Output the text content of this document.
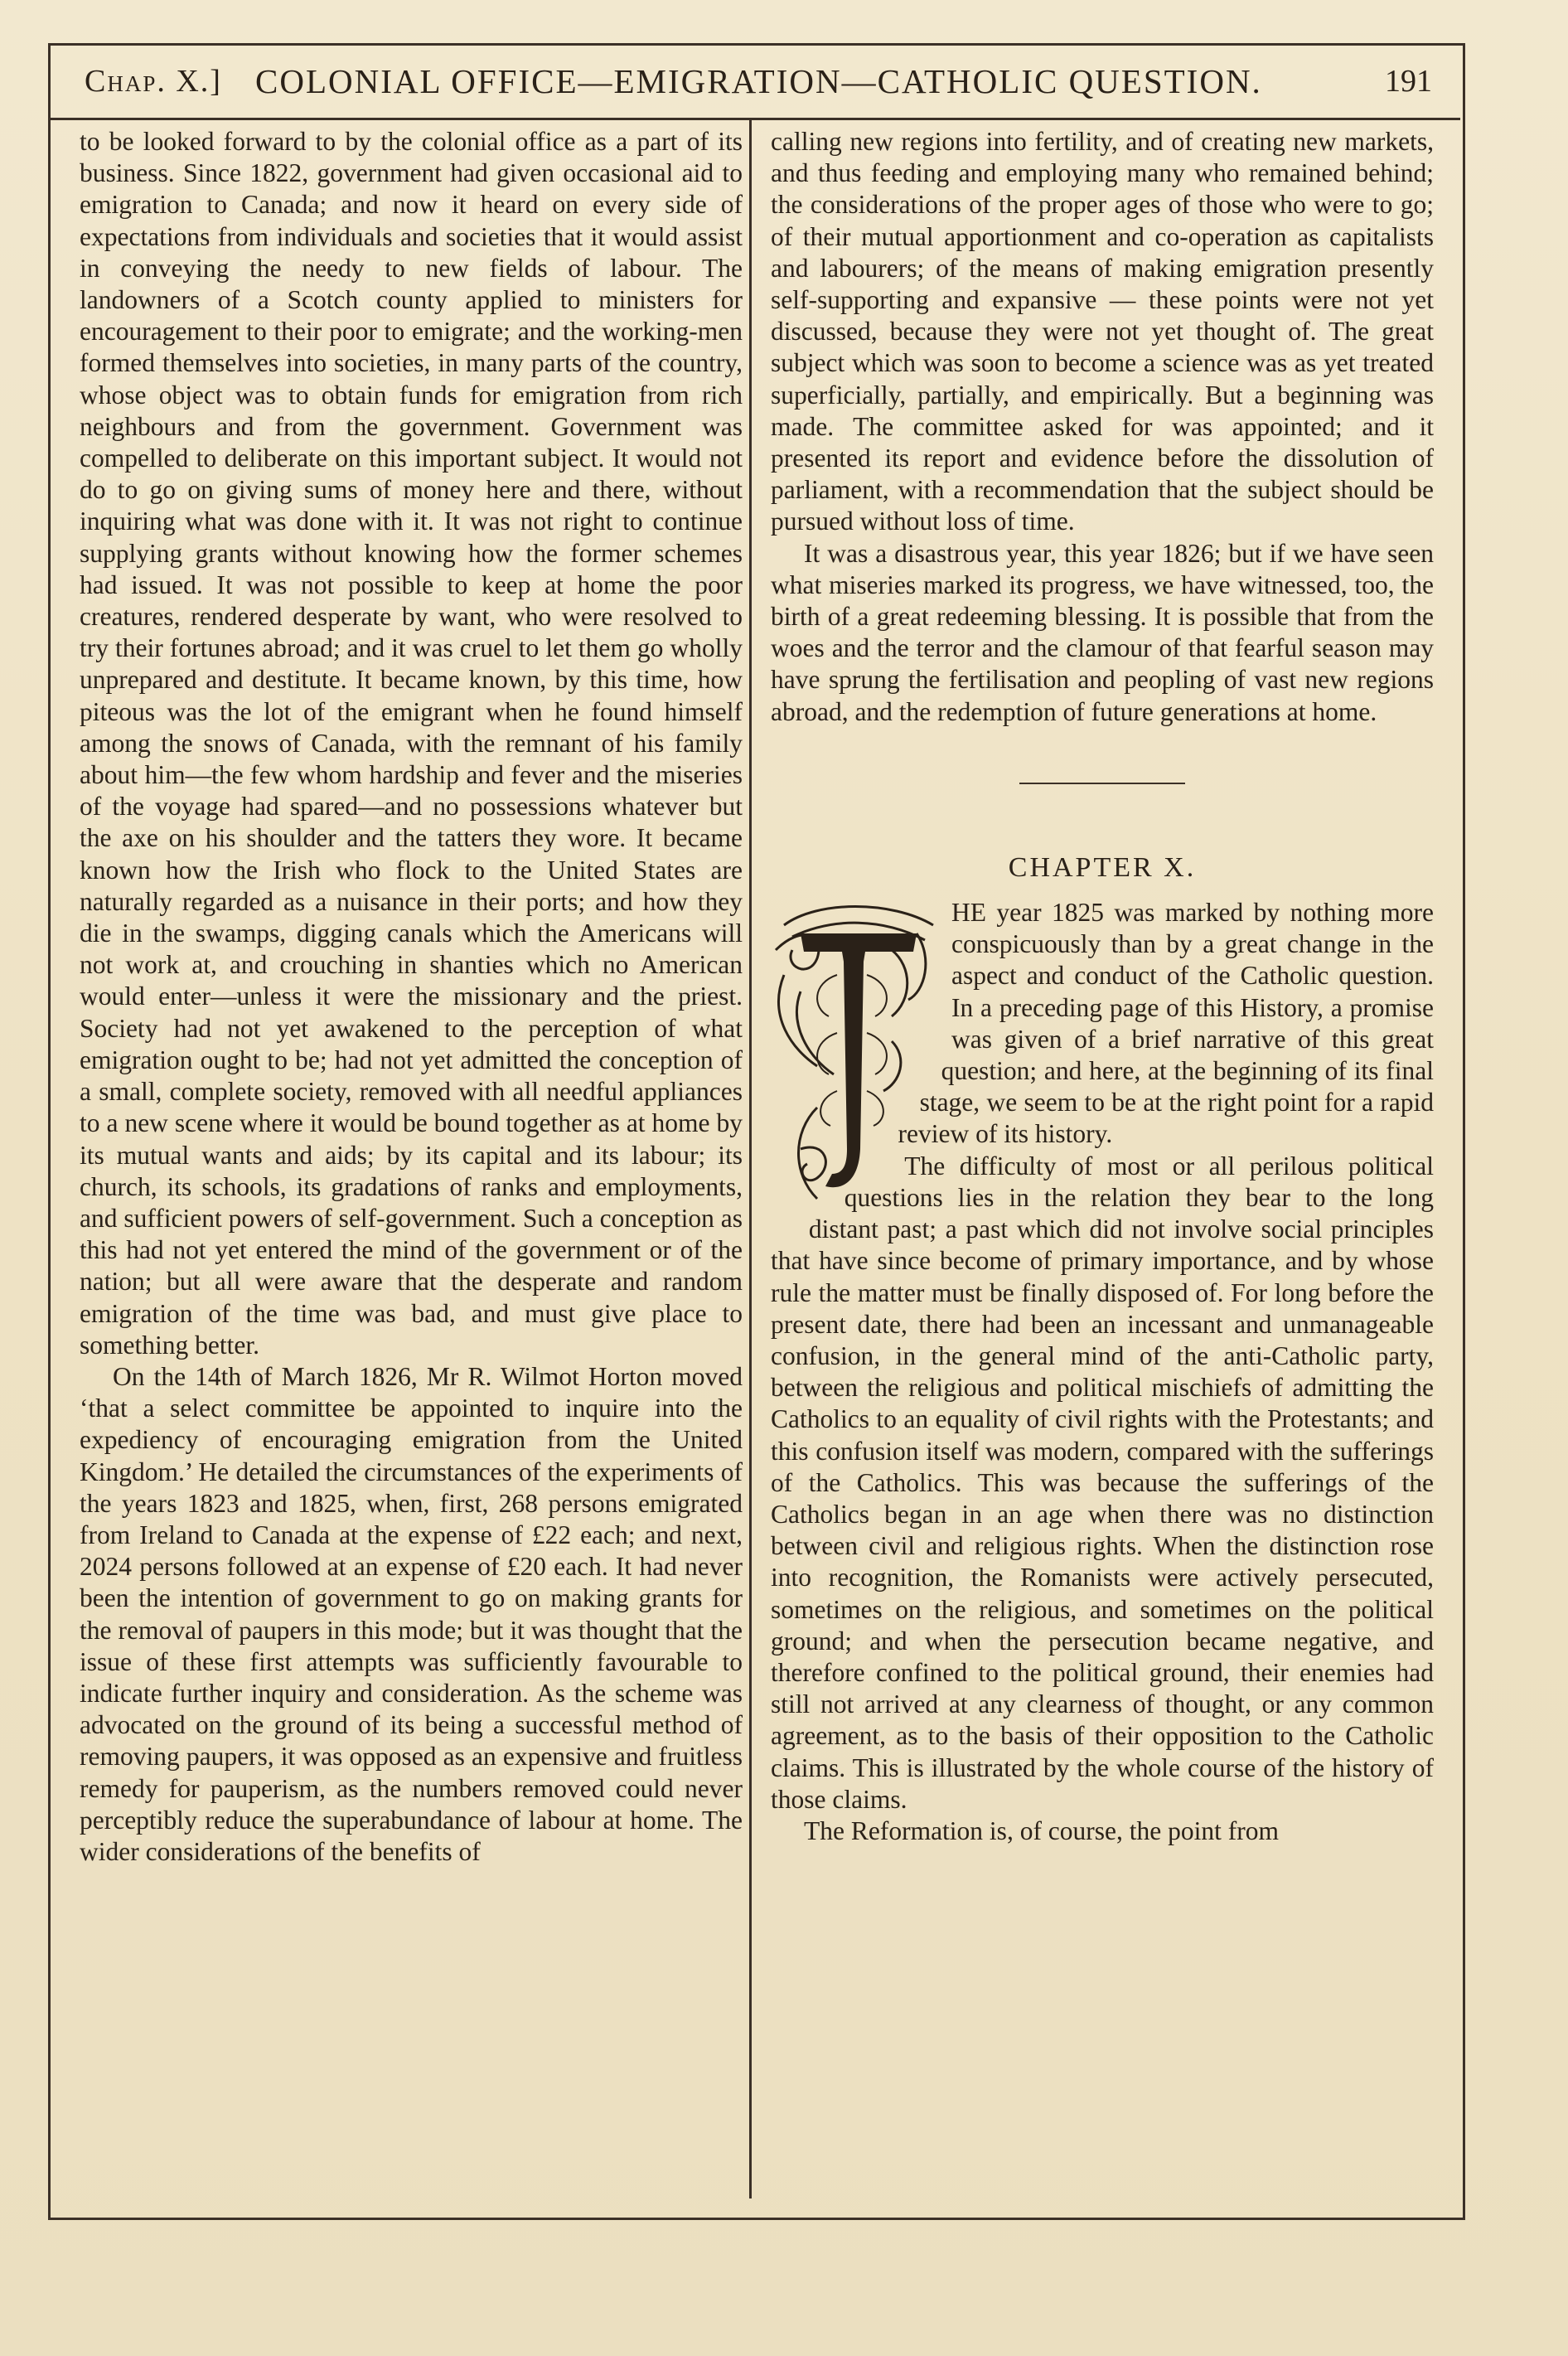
Chap. X.] COLONIAL OFFICE—EMIGRATION—CATHOLIC QUESTION.	191

to be looked forward to by the colonial office as a part of its business. Since 1822, government had given occasional aid to emigration to Canada; and now it heard on every side of expectations from individuals and societies that it would assist in conveying the needy to new fields of labour. The landowners of a Scotch county applied to ministers for encouragement to their poor to emigrate; and the working-men formed themselves into societies, in many parts of the country, whose object was to obtain funds for emigration from rich neighbours and from the government. Government was compelled to deliberate on this important subject. It would not do to go on giving sums of money here and there, without inquiring what was done with it. It was not right to continue supplying grants without knowing how the former schemes had issued. It was not possible to keep at home the poor creatures, rendered desperate by want, who were resolved to try their fortunes abroad; and it was cruel to let them go wholly unprepared and destitute. It became known, by this time, how piteous was the lot of the emigrant when he found himself among the snows of Canada, with the remnant of his family about him—the few whom hardship and fever and the miseries of the voyage had spared—and no possessions whatever but the axe on his shoulder and the tatters they wore. It became known how the Irish who flock to the United States are naturally regarded as a nuisance in their ports; and how they die in the swamps, digging canals which the Americans will not work at, and crouching in shanties which no American would enter—unless it were the missionary and the priest. Society had not yet awakened to the perception of what emigration ought to be; had not yet admitted the conception of a small, complete society, removed with all needful appliances to a new scene where it would be bound together as at home by its mutual wants and aids; by its capital and its labour; its church, its schools, its gradations of ranks and employments, and sufficient powers of self-government. Such a conception as this had not yet entered the mind of the government or of the nation; but all were aware that the desperate and random emigration of the time was bad, and must give place to something better.

On the 14th of March 1826, Mr R. Wilmot Horton moved ‘that a select committee be appointed to inquire into the expediency of encouraging emigration from the United Kingdom.’ He detailed the circumstances of the experiments of the years 1823 and 1825, when, first, 268 persons emigrated from Ireland to Canada at the expense of £22 each; and next, 2024 persons followed at an expense of £20 each. It had never been the intention of government to go on making grants for the removal of paupers in this mode; but it was thought that the issue of these first attempts was sufficiently favourable to indicate further inquiry and consideration. As the scheme was advocated on the ground of its being a successful method of removing paupers, it was opposed as an expensive and fruitless remedy for pauperism, as the numbers removed could never perceptibly reduce the superabundance of labour at home. The wider considerations of the benefits of

calling new regions into fertility, and of creating new markets, and thus feeding and employing many who remained behind; the considerations of the proper ages of those who were to go; of their mutual apportionment and co-operation as capitalists and labourers; of the means of making emigration presently self-supporting and expansive — these points were not yet discussed, because they were not yet thought of. The great subject which was soon to become a science was as yet treated superficially, partially, and empirically. But a beginning was made. The committee asked for was appointed; and it presented its report and evidence before the dissolution of parliament, with a recommendation that the subject should be pursued without loss of time.

It was a disastrous year, this year 1826; but if we have seen what miseries marked its progress, we have witnessed, too, the birth of a great redeeming blessing. It is possible that from the woes and the terror and the clamour of that fearful season may have sprung the fertilisation and peopling of vast new regions abroad, and the redemption of future generations at home.

CHAPTER X.

HE year 1825 was marked by nothing more conspicuously than by a great change in the aspect and conduct of the Catholic question. In a preceding page of this History, a promise was given of a brief narrative of this great question; and here, at the beginning of its final stage, we seem to be at the right point for a rapid review of its history.

The difficulty of most or all perilous political questions lies in the relation they bear to the long distant past; a past which did not involve social principles that have since become of primary importance, and by whose rule the matter must be finally disposed of. For long before the present date, there had been an incessant and unmanageable confusion, in the general mind of the anti-Catholic party, between the religious and political mischiefs of admitting the Catholics to an equality of civil rights with the Protestants; and this confusion itself was modern, compared with the sufferings of the Catholics. This was because the sufferings of the Catholics began in an age when there was no distinction between civil and religious rights. When the distinction rose into recognition, the Romanists were actively persecuted, sometimes on the religious, and sometimes on the political ground; and when the persecution became negative, and therefore confined to the political ground, their enemies had still not arrived at any clearness of thought, or any common agreement, as to the basis of their opposition to the Catholic claims. This is illustrated by the whole course of the history of those claims.

The Reformation is, of course, the point from
